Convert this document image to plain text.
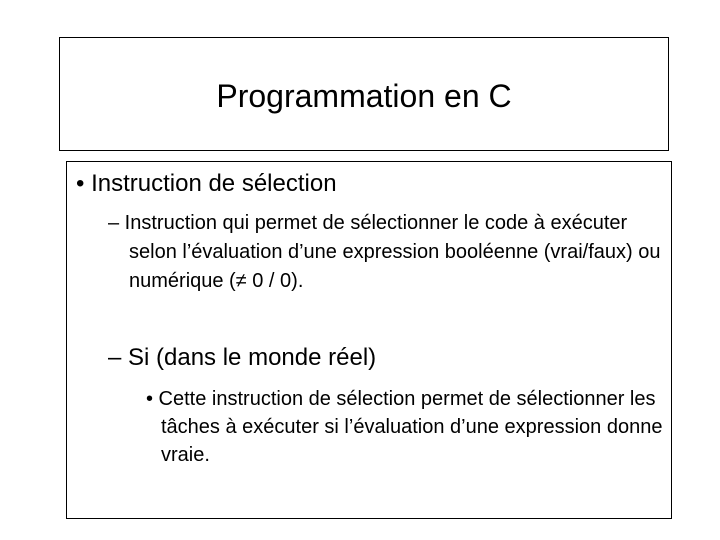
Programmation en C
• Instruction de sélection
– Instruction qui permet de sélectionner le code à exécuter selon l’évaluation d’une expression booléenne (vrai/faux) ou numérique (≠ 0 / 0).
– Si (dans le monde réel)
• Cette instruction de sélection permet de sélectionner les tâches à exécuter si l’évaluation d’une expression donne vraie.
